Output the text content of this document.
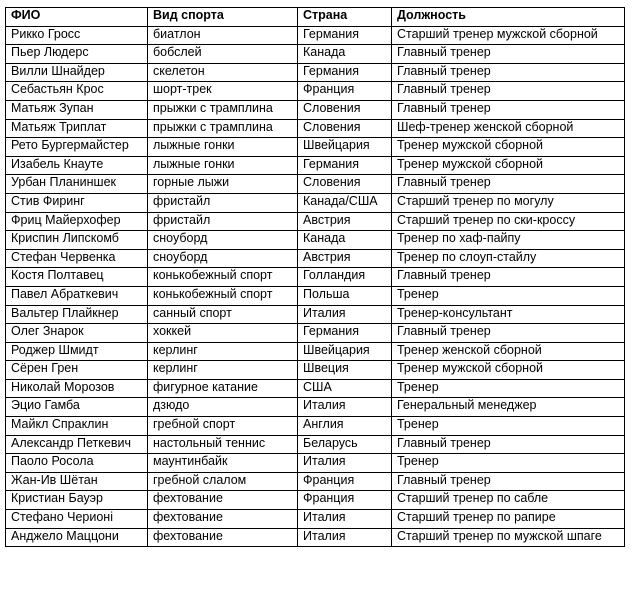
ФИО	Вид спорта	Страна	Должность
Рикко Гросс	биатлон	Германия	Старший тренер мужской сборной
Пьер Людерс	бобслей	Канада	Главный тренер
Вилли Шнайдер	скелетон	Германия	Главный тренер
Себастьян Крос	шорт-трек	Франция	Главный тренер
Матьяж Зупан	прыжки с трамплина	Словения	Главный тренер
Матьяж Триплат	прыжки с трамплина	Словения	Шеф-тренер женской сборной
Рето Бургермайстер	лыжные гонки	Швейцария	Тренер мужской сборной
Изабель Кнауте	лыжные гонки	Германия	Тренер мужской сборной
Урбан Планиншек	горные лыжи	Словения	Главный тренер
Стив Фиринг	фристайл	Канада/США	Старший тренер по могулу
Фриц Майерхофер	фристайл	Австрия	Старший тренер по ски-кроссу
Криспин Липскомб	сноуборд	Канада	Тренер по хаф-пайпу
Стефан Червенка	сноуборд	Австрия	Тренер по слоуп-стайлу
Костя Полтавец	конькобежный спорт	Голландия	Главный тренер
Павел Абраткевич	конькобежный спорт	Польша	Тренер
Вальтер Плайкнер	санный спорт	Италия	Тренер-консультант
Олег Знарок	хоккей	Германия	Главный тренер
Роджер Шмидт	керлинг	Швейцария	Тренер женской сборной
Сёрен Грен	керлинг	Швеция	Тренер мужской сборной
Николай Морозов	фигурное катание	США	Тренер
Эцио Гамба	дзюдо	Италия	Генеральный менеджер
Майкл Спраклин	гребной спорт	Англия	Тренер
Александр Петкевич	настольный теннис	Беларусь	Главный тренер
Паоло Росола	маунтинбайк	Италия	Тренер
Жан-Ив Шётан	гребной слалом	Франция	Главный тренер
Кристиан Бауэр	фехтование	Франция	Старший тренер по сабле
Стефано Черионі	фехтование	Италия	Старший тренер по рапире
Анджело Маццони	фехтование	Италия	Старший тренер по мужской шпаге
